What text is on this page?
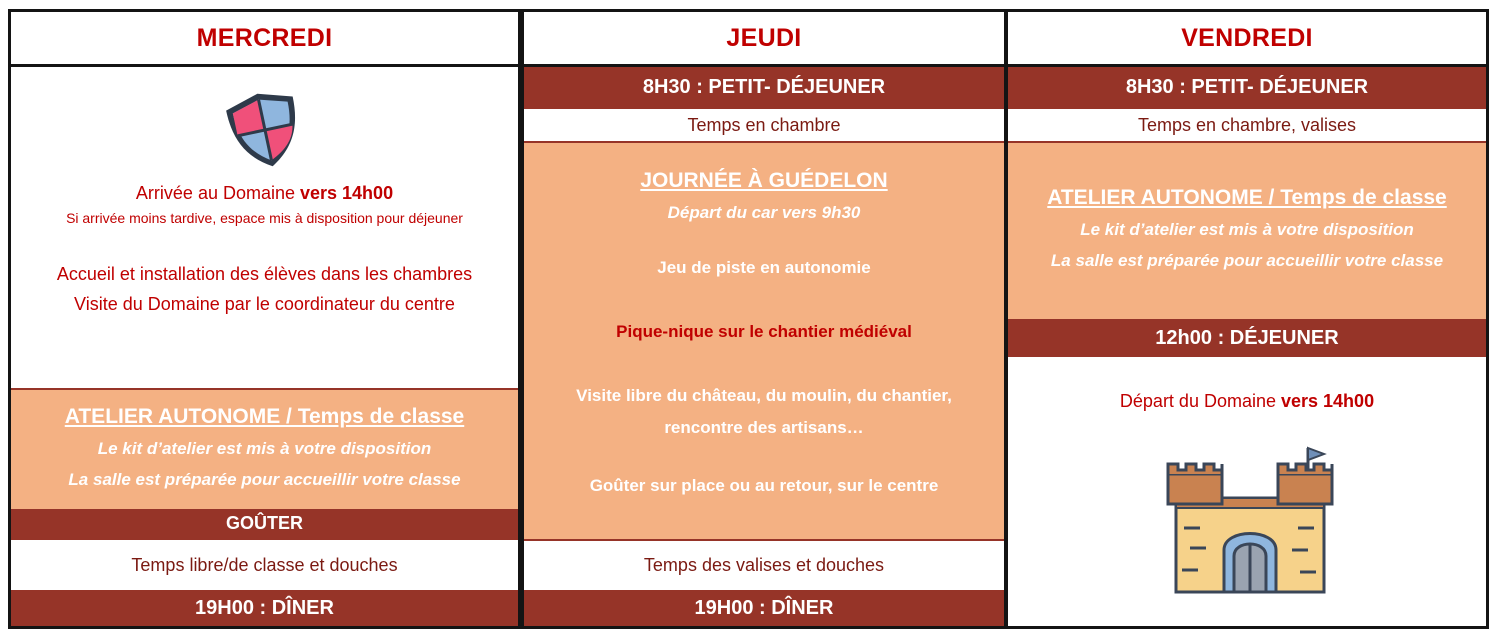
MERCREDI
Arrivée au Domaine vers 14h00
Si arrivée moins tardive, espace mis à disposition pour déjeuner
Accueil et installation des élèves dans les chambres
Visite du Domaine par le coordinateur du centre
ATELIER AUTONOME / Temps de classe
Le kit d’atelier est mis à votre disposition
La salle est préparée pour accueillir votre classe
GOÛTER
Temps libre/de classe et douches
19H00 : DÎNER
JEUDI
8H30 : PETIT- DÉJEUNER
Temps en chambre
JOURNÉE À GUÉDELON
Départ du car vers 9h30
Jeu de piste en autonomie
Pique-nique sur le chantier médiéval
Visite libre du château, du moulin, du chantier,
rencontre des artisans…
Goûter sur place ou au retour, sur le centre
Temps des valises et douches
19H00 : DÎNER
VENDREDI
8H30 : PETIT- DÉJEUNER
Temps en chambre, valises
ATELIER AUTONOME / Temps de classe
Le kit d’atelier est mis à votre disposition
La salle est préparée pour accueillir votre classe
12h00 : DÉJEUNER
Départ du Domaine vers 14h00
